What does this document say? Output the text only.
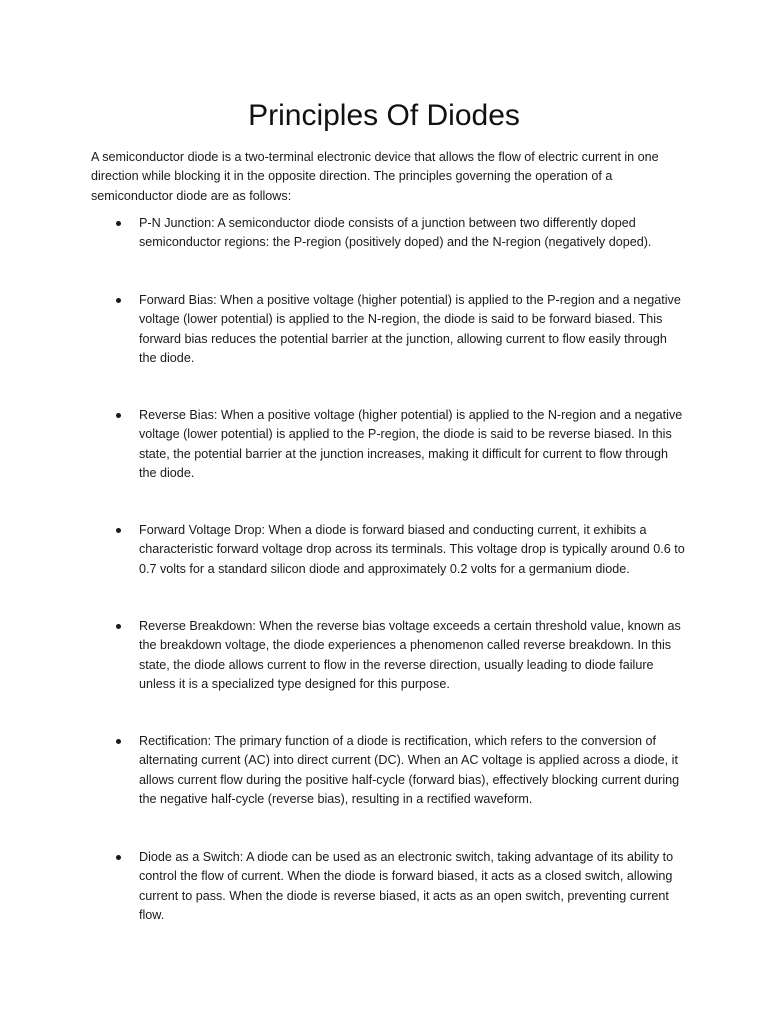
Principles Of Diodes

A semiconductor diode is a two-terminal electronic device that allows the flow of electric current in one direction while blocking it in the opposite direction. The principles governing the operation of a semiconductor diode are as follows:

P-N Junction: A semiconductor diode consists of a junction between two differently doped semiconductor regions: the P-region (positively doped) and the N-region (negatively doped).
Forward Bias: When a positive voltage (higher potential) is applied to the P-region and a negative voltage (lower potential) is applied to the N-region, the diode is said to be forward biased. This forward bias reduces the potential barrier at the junction, allowing current to flow easily through the diode.
Reverse Bias: When a positive voltage (higher potential) is applied to the N-region and a negative voltage (lower potential) is applied to the P-region, the diode is said to be reverse biased. In this state, the potential barrier at the junction increases, making it difficult for current to flow through the diode.
Forward Voltage Drop: When a diode is forward biased and conducting current, it exhibits a characteristic forward voltage drop across its terminals. This voltage drop is typically around 0.6 to 0.7 volts for a standard silicon diode and approximately 0.2 volts for a germanium diode.
Reverse Breakdown: When the reverse bias voltage exceeds a certain threshold value, known as the breakdown voltage, the diode experiences a phenomenon called reverse breakdown. In this state, the diode allows current to flow in the reverse direction, usually leading to diode failure unless it is a specialized type designed for this purpose.
Rectification: The primary function of a diode is rectification, which refers to the conversion of alternating current (AC) into direct current (DC). When an AC voltage is applied across a diode, it allows current flow during the positive half-cycle (forward bias), effectively blocking current during the negative half-cycle (reverse bias), resulting in a rectified waveform.
Diode as a Switch: A diode can be used as an electronic switch, taking advantage of its ability to control the flow of current. When the diode is forward biased, it acts as a closed switch, allowing current to pass. When the diode is reverse biased, it acts as an open switch, preventing current flow.
